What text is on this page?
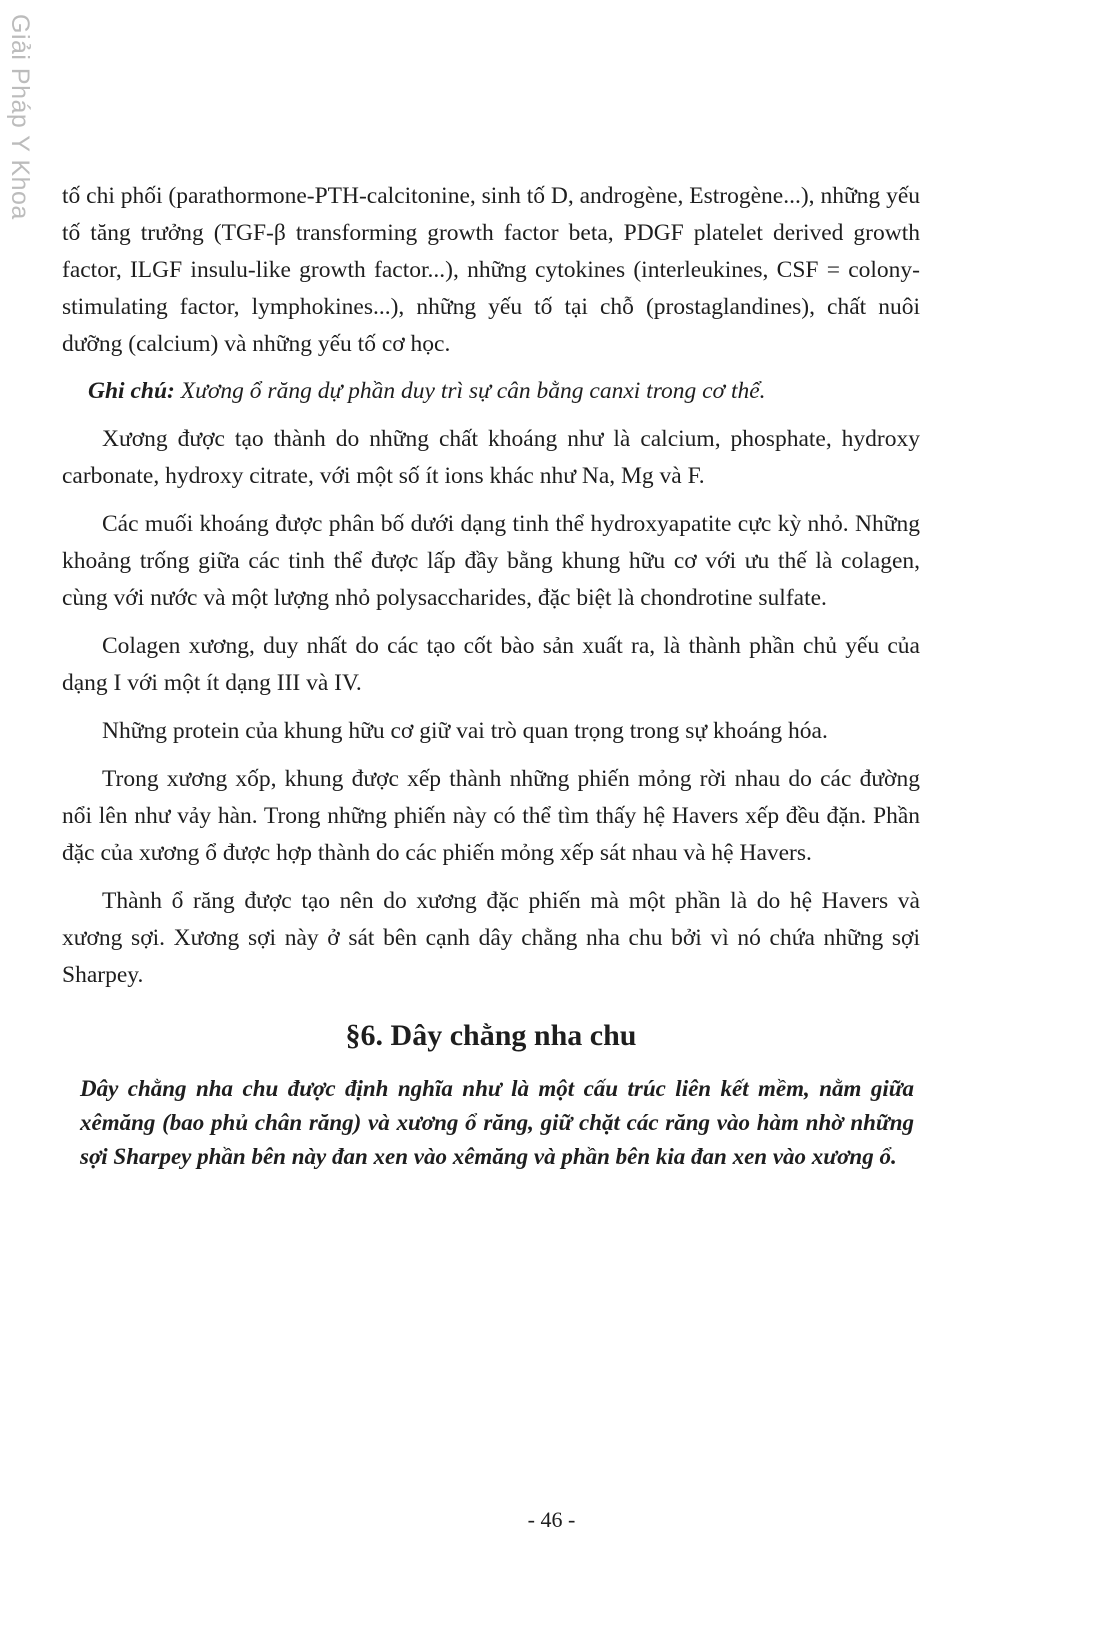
Giải Pháp Y Khoa tố chi phối (parathormone-PTH-calcitonine, sinh tố D, androgène, Estrogène...), những yếu tố tăng trưởng (TGF-β transforming growth factor beta, PDGF platelet derived growth factor, ILGF insulu-like growth factor...), những cytokines (interleukines, CSF = colony-stimulating factor, lymphokines...), những yếu tố tại chỗ (prostaglandines), chất nuôi dưỡng (calcium) và những yếu tố cơ học.

Ghi chú: Xương ổ răng dự phần duy trì sự cân bằng canxi trong cơ thể.

Xương được tạo thành do những chất khoáng như là calcium, phosphate, hydroxy carbonate, hydroxy citrate, với một số ít ions khác như Na, Mg và F.

Các muối khoáng được phân bố dưới dạng tinh thể hydroxyapatite cực kỳ nhỏ. Những khoảng trống giữa các tinh thể được lấp đầy bằng khung hữu cơ với ưu thế là colagen, cùng với nước và một lượng nhỏ polysaccharides, đặc biệt là chondrotine sulfate.

Colagen xương, duy nhất do các tạo cốt bào sản xuất ra, là thành phần chủ yếu của dạng I với một ít dạng III và IV.

Những protein của khung hữu cơ giữ vai trò quan trọng trong sự khoáng hóa.

Trong xương xốp, khung được xếp thành những phiến mỏng rời nhau do các đường nổi lên như vảy hàn. Trong những phiến này có thể tìm thấy hệ Havers xếp đều đặn. Phần đặc của xương ổ được hợp thành do các phiến mỏng xếp sát nhau và hệ Havers.

Thành ổ răng được tạo nên do xương đặc phiến mà một phần là do hệ Havers và xương sợi. Xương sợi này ở sát bên cạnh dây chằng nha chu bởi vì nó chứa những sợi Sharpey.

§6. Dây chằng nha chu

Dây chằng nha chu được định nghĩa như là một cấu trúc liên kết mềm, nằm giữa xêmăng (bao phủ chân răng) và xương ổ răng, giữ chặt các răng vào hàm nhờ những sợi Sharpey phần bên này đan xen vào xêmăng và phần bên kia đan xen vào xương ổ.

- 46 -
